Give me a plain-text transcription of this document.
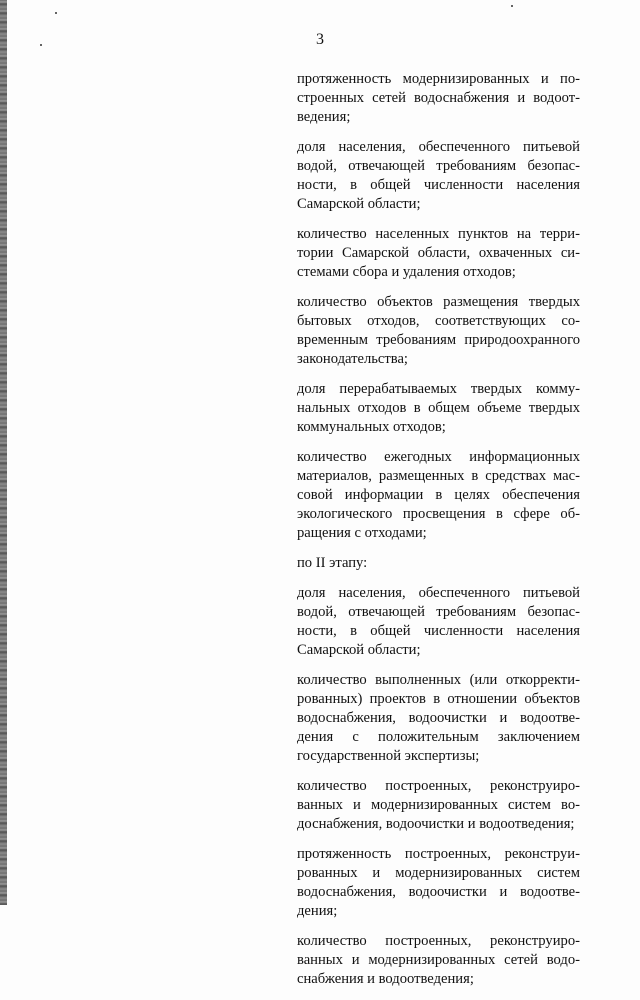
3

протяженность модернизированных и построенных сетей водоснабжения и водоотведения;

доля населения, обеспеченного питьевой водой, отвечающей требованиям безопасности, в общей численности населения Самарской области;

количество населенных пунктов на территории Самарской области, охваченных системами сбора и удаления отходов;

количество объектов размещения твердых бытовых отходов, соответствующих современным требованиям природоохранного законодательства;

доля перерабатываемых твердых коммунальных отходов в общем объеме твердых коммунальных отходов;

количество ежегодных информационных материалов, размещенных в средствах массовой информации в целях обеспечения экологического просвещения в сфере обращения с отходами;

по II этапу:

доля населения, обеспеченного питьевой водой, отвечающей требованиям безопасности, в общей численности населения Самарской области;

количество выполненных (или откорректированных) проектов в отношении объектов водоснабжения, водоочистки и водоотведения с положительным заключением государственной экспертизы;

количество построенных, реконструированных и модернизированных систем водоснабжения, водоочистки и водоотведения;

протяженность построенных, реконструированных и модернизированных систем водоснабжения, водоочистки и водоотведения;

количество построенных, реконструированных и модернизированных сетей водоснабжения и водоотведения;
